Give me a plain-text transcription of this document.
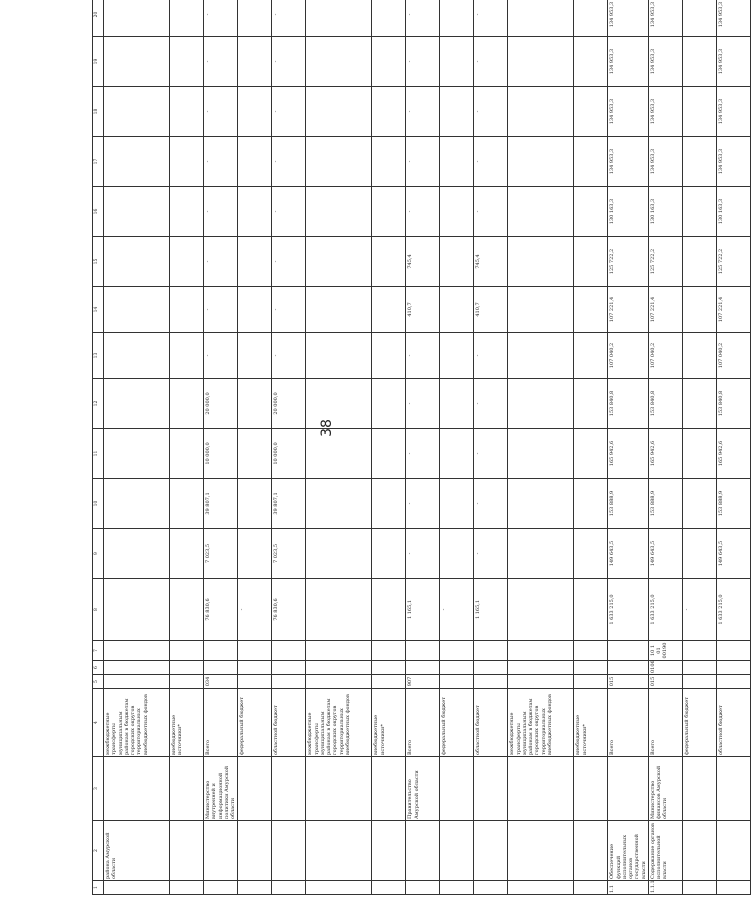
38
1	2	3	4	5	6	7	8	9	10	11	12	13	14	15	16	17	18	19	20
	района Амурской области		межбюджетные трансферты муниципальным районам в бюджетам городских округов территориальных внебюджетных фондов																
			внебюджетные источники*																
		Министерство внутренней и информационной политики Амурской области	Всего	034			76 830,6	7 023,5	39 807,1	10 000,0	20 000,0	-	-	-	-	-	-	-	-
			федеральный бюджет				-												
			областной бюджет				76 830,6	7 023,5	39 807,1	10 000,0	20 000,0	-	-	-	-	-	-	-	-
			межбюджетные трансферты муниципальным районам в бюджетам городских округов территориальных внебюджетных фондов																
			внебюджетные источники*																
		Правительство Амурской области	Всего	907			1 165,1	-	-	-	-	-	410,7	745,4	-	-	-	-	-
			федеральный бюджет				-												
			областной бюджет				1 165,1	-	-	-	-	-	410,7	745,4	-	-	-	-	-
			межбюджетные трансферты муниципальным районам в бюджетам городских округов территориальных внебюджетных фондов																
			внебюджетные источники*																
1.1	Обеспечение функций исполнительных органов государственной власти		Всего	015			1 633 215,0	149 643,5	153 888,9	165 942,6	153 840,8	107 040,2	107 221,4	125 722,2	130 163,3	134 953,3	134 953,3	134 953,3	134 953,3
1.1.1	Содержание органов исполнительной власти	Министерство финансов Амурской области	Всего	015	0106	10 1 01 00190	1 633 215,0	149 643,5	153 888,9	165 942,6	153 840,8	107 040,2	107 221,4	125 722,2	130 163,3	134 953,3	134 953,3	134 953,3	134 953,3
			федеральный бюджет				-												
			областной бюджет				1 633 215,0	149 643,5	153 888,9	165 942,6	153 840,8	107 040,2	107 221,4	125 722,2	130 163,3	134 953,3	134 953,3	134 953,3	134 953,3
